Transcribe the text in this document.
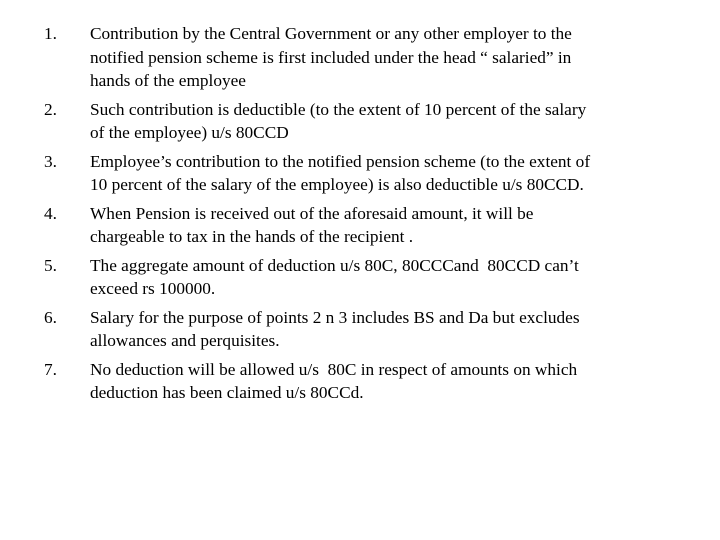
1.	Contribution by the Central Government or any other employer to the
notified pension scheme is first included under the head “ salaried” in
hands of the employee
2.	Such contribution is deductible (to the extent of 10 percent of the salary
of the employee) u/s 80CCD
3.	Employee’s contribution to the notified pension scheme (to the extent of
10 percent of the salary of the employee) is also deductible u/s 80CCD.
4.	When Pension is received out of the aforesaid amount, it will be
chargeable to tax in the hands of the recipient .
5.	The aggregate amount of deduction u/s 80C, 80CCCand  80CCD can’t
exceed rs 100000.
6.	Salary for the purpose of points 2 n 3 includes BS and Da but excludes
allowances and perquisites.
7.	No deduction will be allowed u/s  80C in respect of amounts on which
deduction has been claimed u/s 80CCd.
